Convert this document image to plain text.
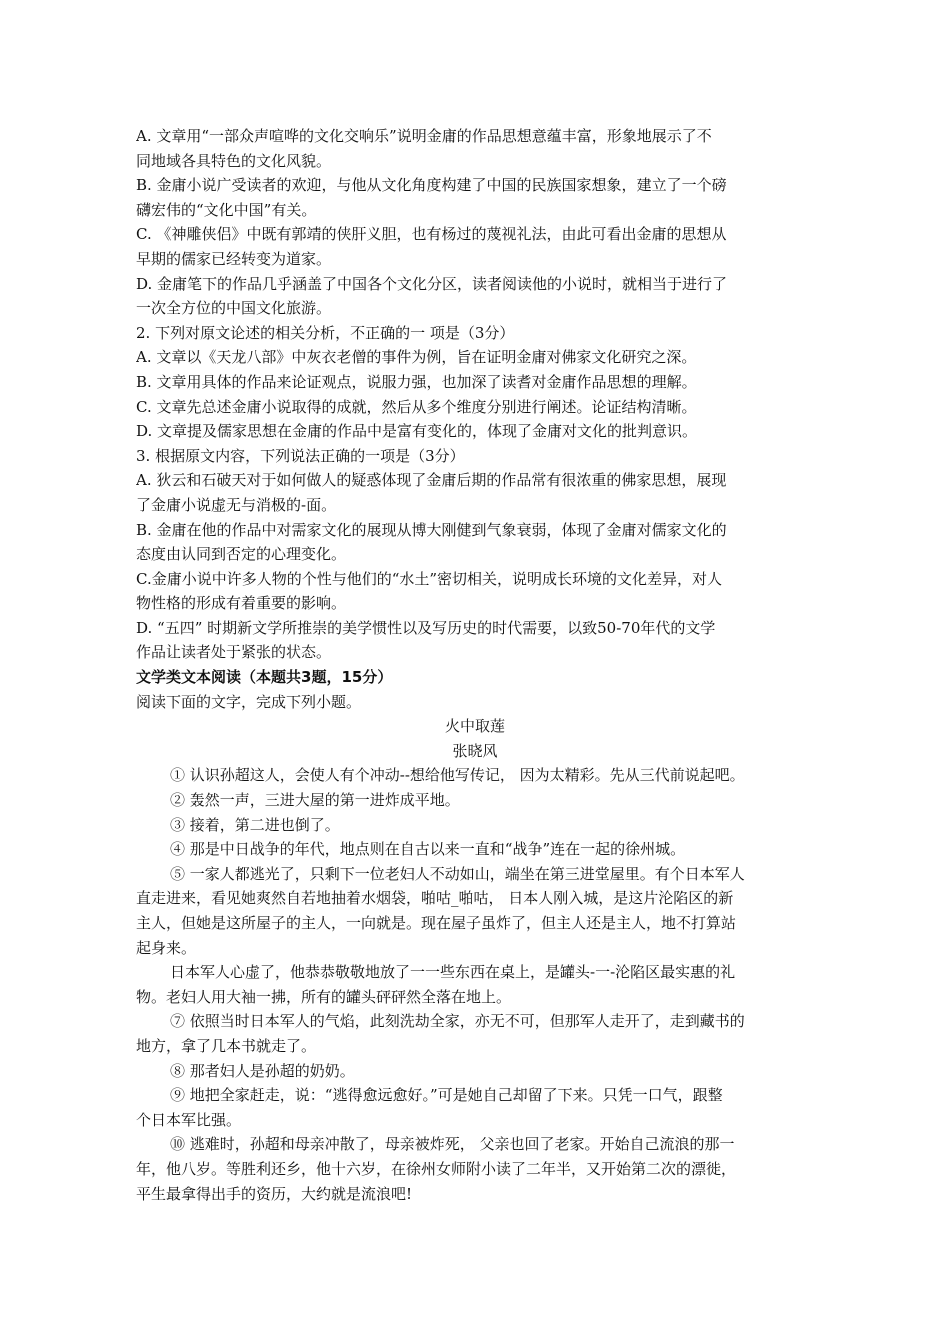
A. 文章用“一部众声喧哗的文化交响乐”说明金庸的作品思想意蕴丰富，形象地展示了不
同地域各具特色的文化风貌。
B. 金庸小说广受读者的欢迎，与他从文化角度构建了中国的民族国家想象，建立了一个磅
礴宏伟的“文化中国”有关。
C. 《神雕侠侣》中既有郭靖的侠肝义胆，也有杨过的蔑视礼法，由此可看出金庸的思想从
早期的儒家已经转变为道家。
D. 金庸笔下的作品几乎涵盖了中国各个文化分区，读者阅读他的小说时，就相当于进行了
一次全方位的中国文化旅游。
2. 下列对原文论述的相关分析，不正确的一 项是（3分）
A. 文章以《天龙八部》中灰衣老僧的事件为例，旨在证明金庸对佛家文化研究之深。
B. 文章用具体的作品来论证观点，说服力强，也加深了读耆对金庸作品思想的理解。
C. 文章先总述金庸小说取得的成就，然后从多个维度分别进行阐述。论证结构清晰。
D. 文章提及儒家思想在金庸的作品中是富有变化的，体现了金庸对文化的批判意识。
3. 根据原文内容，下列说法正确的一项是（3分）
A. 狄云和石破天对于如何做人的疑惑体现了金庸后期的作品常有很浓重的佛家思想，展现
了金庸小说虚无与消极的-面。
B. 金庸在他的作品中对需家文化的展现从博大刚健到气象衰弱，体现了金庸对儒家文化的
态度由认同到否定的心理变化。
C.金庸小说中许多人物的个性与他们的“水土”密切相关，说明成长环境的文化差异，对人
物性格的形成有着重要的影响。
D. “五四” 时期新文学所推崇的美学惯性以及写历史的时代需要，以致50-70年代的文学
作品让读者处于紧张的状态。
文学类文本阅读（本题共3题，15分）
阅读下面的文字，完成下列小题。
火中取莲
张晓风
① 认识孙超这人，会使人有个冲动--想给他写传记， 因为太精彩。先从三代前说起吧。
② 轰然一声，三进大屋的第一进炸成平地。
③ 接着，第二进也倒了。
④ 那是中日战争的年代，地点则在自古以来一直和“战争”连在一起的徐州城。
⑤ 一家人都逃光了，只剩下一位老妇人不动如山，端坐在第三进堂屋里。有个日本军人
直走进来，看见她爽然自若地抽着水烟袋，啪咕_啪咕， 日本人刚入城，是这片沦陷区的新
主人，但她是这所屋子的主人，一向就是。现在屋子虽炸了，但主人还是主人，地不打算站
起身来。
日本军人心虚了，他恭恭敬敬地放了一一些东西在桌上，是罐头-一-沦陷区最实惠的礼
物。老妇人用大袖一拂，所有的罐头砰砰然全落在地上。
⑦ 依照当时日本军人的气焰，此刻洗劫全家，亦无不可，但那军人走开了，走到藏书的
地方，拿了几本书就走了。
⑧ 那者妇人是孙超的奶奶。
⑨ 地把全家赶走，说：“逃得愈远愈好。”可是她自己却留了下来。只凭一口气，跟整
个日本军比强。
⑩ 逃难时，孙超和母亲冲散了，母亲被炸死， 父亲也回了老家。开始自己流浪的那一
年，他八岁。等胜利还乡，他十六岁，在徐州女师附小读了二年半，又开始第二次的漂徙，
平生最拿得出手的资历，大约就是流浪吧!
